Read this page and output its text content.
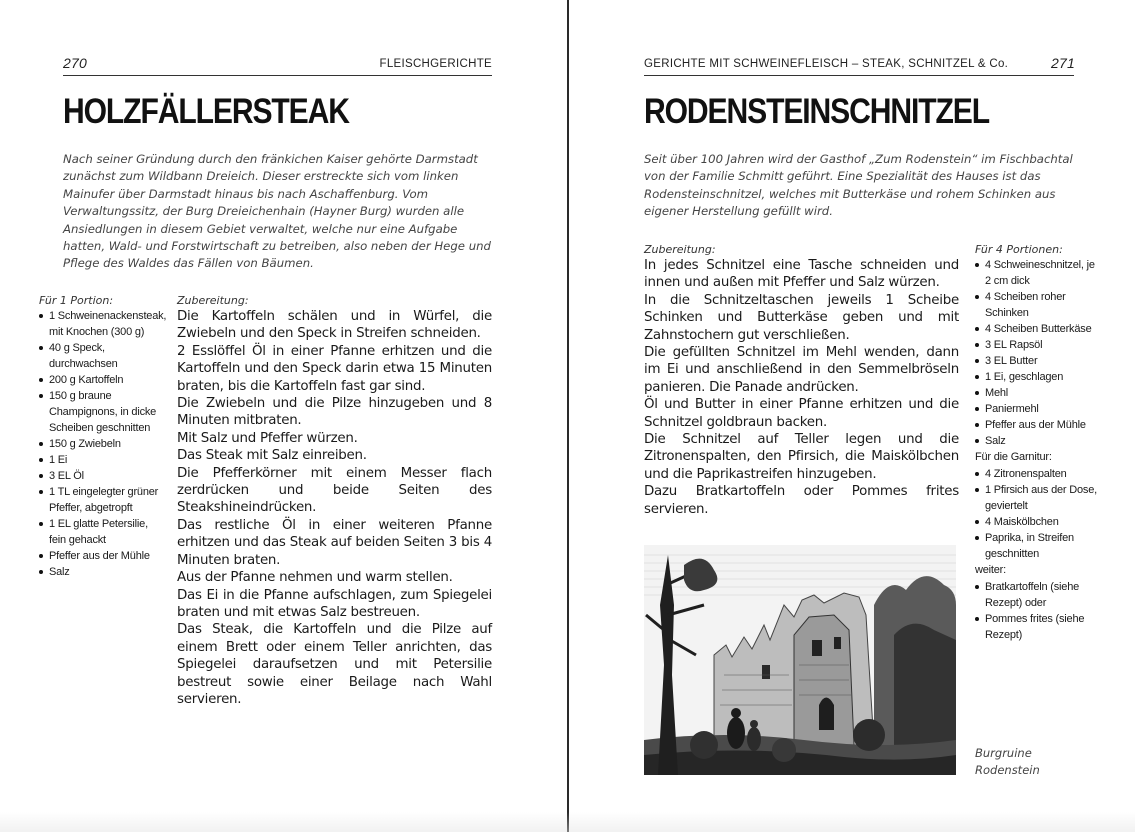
270	FLEISCHGERICHTE
HOLZFÄLLERSTEAK

Nach seiner Gründung durch den fränkichen Kaiser gehörte Darmstadt zunächst zum Wildbann Dreieich. Dieser erstreckte sich vom linken Mainufer über Darmstadt hinaus bis nach Aschaffenburg. Vom Verwaltungssitz, der Burg Dreieichenhain (Hayner Burg) wurden alle Ansiedlungen in diesem Gebiet verwaltet, welche nur eine Aufgabe hatten, Wald- und Forstwirtschaft zu betreiben, also neben der Hege und Pflege des Waldes das Fällen von Bäumen.

Für 1 Portion:
1 Schweinenackensteak, mit Knochen (300 g)
40 g Speck, durchwachsen
200 g Kartoffeln
150 g braune Champignons, in dicke Scheiben geschnitten
150 g Zwiebeln
1 Ei
3 EL Öl
1 TL eingelegter grüner Pfeffer, abgetropft
1 EL glatte Petersilie, fein gehackt
Pfeffer aus der Mühle
Salz
Zubereitung:

Die Kartoffeln schälen und in Würfel, die Zwiebeln und den Speck in Streifen schneiden.

2 Esslöffel Öl in einer Pfanne erhitzen und die Kartoffeln und den Speck darin etwa 15 Minuten braten, bis die Kartoffeln fast gar sind.

Die Zwiebeln und die Pilze hinzugeben und 8 Minuten mitbraten.

Mit Salz und Pfeffer würzen.

Das Steak mit Salz einreiben.

Die Pfefferkörner mit einem Messer flach zerdrücken und beide Seiten des Steakshineindrücken.

Das restliche Öl in einer weiteren Pfanne erhitzen und das Steak auf beiden Seiten 3 bis 4 Minuten braten.

Aus der Pfanne nehmen und warm stellen.

Das Ei in die Pfanne aufschlagen, zum Spiegelei braten und mit etwas Salz bestreuen.

Das Steak, die Kartoffeln und die Pilze auf einem Brett oder einem Teller anrichten, das Spiegelei daraufsetzen und mit Petersilie bestreut sowie einer Beilage nach Wahl servieren.

GERICHTE MIT SCHWEINEFLEISCH – STEAK, SCHNITZEL & Co.	271
RODENSTEINSCHNITZEL

Seit über 100 Jahren wird der Gasthof „Zum Rodenstein“ im Fischbachtal von der Familie Schmitt geführt. Eine Spezialität des Hauses ist das Rodensteinschnitzel, welches mit Butterkäse und rohem Schinken aus eigener Herstellung gefüllt wird.

Zubereitung:

In jedes Schnitzel eine Tasche schneiden und innen und außen mit Pfeffer und Salz würzen.

In die Schnitzeltaschen jeweils 1 Scheibe Schinken und Butterkäse geben und mit Zahnstochern gut verschließen.

Die gefüllten Schnitzel im Mehl wenden, dann im Ei und anschließend in den Semmelbröseln panieren. Die Panade andrücken.

Öl und Butter in einer Pfanne erhitzen und die Schnitzel goldbraun backen.

Die Schnitzel auf Teller legen und die Zitronenspalten, den Pfirsich, die Maiskölbchen und die Paprikastreifen hinzugeben.

Dazu Bratkartoffeln oder Pommes frites servieren.

Für 4 Portionen:
4 Schweineschnitzel, je 2 cm dick
4 Scheiben roher Schinken
4 Scheiben Butterkäse
3 EL Rapsöl
3 EL Butter
1 Ei, geschlagen
Mehl
Paniermehl
Pfeffer aus der Mühle
Salz
Für die Garnitur:
4 Zitronenspalten
1 Pfirsich aus der Dose, geviertelt
4 Maiskölbchen
Paprika, in Streifen geschnitten
weiter:
Bratkartoffeln (siehe Rezept) oder
Pommes frites (siehe Rezept)
Burgruine Rodenstein
